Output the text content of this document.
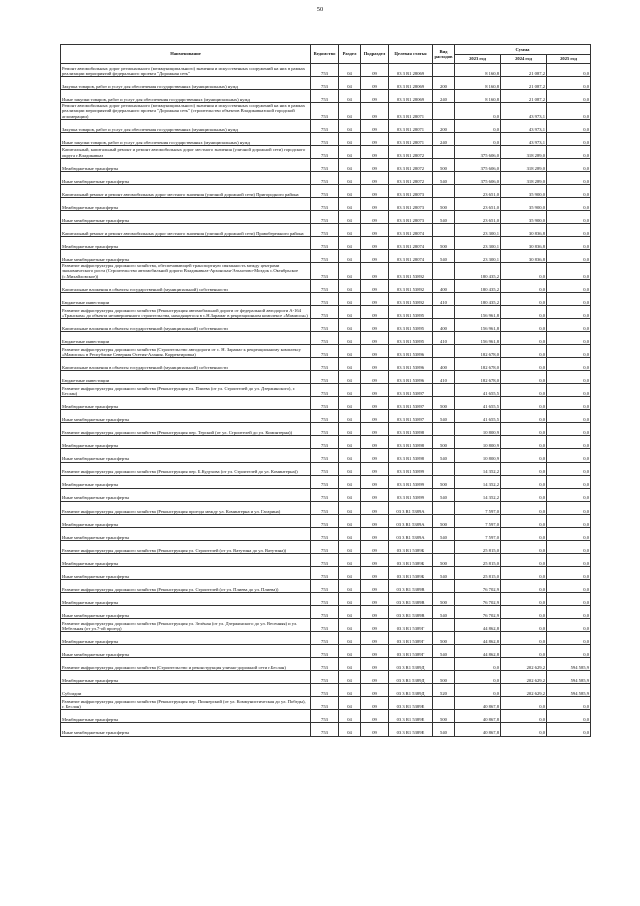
50
Наименование	Ведомство	Раздел	Подраздел	Целевая статья	Вид расходов	Сумма		
						2023 год	2024 год	2025 год
Ремонт автомобильных дорог регионального (межмуниципального) значения и искусственных сооружений на них в рамках реализации мероприятий федерального проекта "Дорожная сеть"	753	04	09	03 3 R1 28069		8 160,8	21 087,2	0,0
Закупка товаров, работ и услуг для обеспечения государственных (муниципальных) нужд	753	04	09	03 3 R1 28069	200	8 160,8	21 087,2	0,0
Иные закупки товаров, работ и услуг для обеспечения государственных (муниципальных) нужд	753	04	09	03 3 R1 28069	240	8 160,8	21 087,2	0,0
Ремонт автомобильных дорог регионального (межмуниципального) значения и искусственных сооружений на них в рамках реализации мероприятий федерального проекта "Дорожная сеть" (строительство объектов Владикавказской городской агломерации)	753	04	09	03 3 R1 28071		0,0	43 973,1	0,0
Закупка товаров, работ и услуг для обеспечения государственных (муниципальных) нужд	753	04	09	03 3 R1 28071	200	0,0	43 973,1	0,0
Иные закупки товаров, работ и услуг для обеспечения государственных (муниципальных) нужд	753	04	09	03 3 R1 28071	240	0,0	43 973,1	0,0
Капитальный, капитальный ремонт и ремонт автомобильных дорог местного значения (уличной дорожной сети) городского округа г.Владикавказ	753	04	09	03 3 R1 28072		375 606,0	318 289,0	0,0
Межбюджетные трансферты	753	04	09	03 3 R1 28072	500	375 606,0	318 289,0	0,0
Иные межбюджетные трансферты	753	04	09	03 3 R1 28072	540	375 606,0	318 289,0	0,0
Капитальный ремонт и ремонт автомобильных дорог местного значения (уличной дорожной сети) Пригородного района	753	04	09	03 3 R1 28073		23 651,0	35 900,0	0,0
Межбюджетные трансферты	753	04	09	03 3 R1 28073	500	23 651,0	35 900,0	0,0
Иные межбюджетные трансферты	753	04	09	03 3 R1 28073	540	23 651,0	35 900,0	0,0
Капитальный ремонт и ремонт автомобильных дорог местного значения (уличной дорожной сети) Правобережного района	753	04	09	03 3 R1 28074		23 300,1	30 836,8	0,0
Межбюджетные трансферты	753	04	09	03 3 R1 28074	500	23 300,1	30 836,8	0,0
Иные межбюджетные трансферты	753	04	09	03 3 R1 28074	540	23 300,1	30 836,8	0,0
Развитие инфраструктуры дорожного хозяйства, обеспечивающей транспортную связанность между центрами экономического роста (Строительство автомобильной дороги Владикавказ-Архонская-Эльхотово-Моздок с.Октябрьское (с.Михайловское))	753	04	09	03 3 R1 53892		180 435,2	0,0	0,0
Капитальные вложения в объекты государственной (муниципальной) собственности	753	04	09	03 3 R1 53892	400	180 435,2	0,0	0,0
Бюджетные инвестиции	753	04	09	03 3 R1 53892	410	180 435,2	0,0	0,0
Развитие инфраструктуры дорожного хозяйства (Реконструкция автомобильной дороги от федеральной автодороги А-164 «Транскам» до объекта незавершенного строительства, находящегося в с.Н.Зарамаг в рекреационном комплексе «Мамисон»)	753	04	09	03 3 R1 53895		156 961,8	0,0	0,0
Капитальные вложения в объекты государственной (муниципальной) собственности	753	04	09	03 3 R1 53895	400	156 961,8	0,0	0,0
Бюджетные инвестиции	753	04	09	03 3 R1 53895	410	156 961,8	0,0	0,0
Развитие инфраструктуры дорожного хозяйства (Строительство автодороги от с. Н. Зарамаг к рекреационному комплексу «Мамисон» в Республике Северная Осетия-Алания. Корректировка)	753	04	09	03 3 R1 53896		182 678,0	0,0	0,0
Капитальные вложения в объекты государственной (муниципальной) собственности	753	04	09	03 3 R1 53896	400	182 678,0	0,0	0,0
Бюджетные инвестиции	753	04	09	03 3 R1 53896	410	182 678,0	0,0	0,0
Развитие инфраструктуры дорожного хозяйства (Реконструкция ул. Плиева (от ул. Строителей до ул. Дзержинского), г. Беслан)	753	04	09	03 3 R1 53897		41 655,5	0,0	0,0
Межбюджетные трансферты	753	04	09	03 3 R1 53897	500	41 655,5	0,0	0,0
Иные межбюджетные трансферты	753	04	09	03 3 R1 53897	540	41 655,5	0,0	0,0
Развитие инфраструктуры дорожного хозяйства (Реконструкция пер. Терский (от ул. Строителей до ул. Коминтерна))	753	04	09	03 3 R1 53898		10 800,9	0,0	0,0
Межбюджетные трансферты	753	04	09	03 3 R1 53898	500	10 800,9	0,0	0,0
Иные межбюджетные трансферты	753	04	09	03 3 R1 53898	540	10 800,9	0,0	0,0
Развитие инфраструктуры дорожного хозяйства (Реконструкция пер. Б.Кудухова (от ул. Строителей до ул. Коминтерна))	753	04	09	03 3 R1 53899		14 352,2	0,0	0,0
Межбюджетные трансферты	753	04	09	03 3 R1 53899	500	14 352,2	0,0	0,0
Иные межбюджетные трансферты	753	04	09	03 3 R1 53899	540	14 352,2	0,0	0,0
Развитие инфраструктуры дорожного хозяйства (Реконструкция проезда между ул. Коминтерна и ул. Гагарина)	753	04	09	03 3 R1 5389А		7 597,0	0,0	0,0
Межбюджетные трансферты	753	04	09	03 3 R1 5389А	500	7 597,0	0,0	0,0
Иные межбюджетные трансферты	753	04	09	03 3 R1 5389А	540	7 597,0	0,0	0,0
Развитие инфраструктуры дорожного хозяйства (Реконструкция ул. Строителей (от ул. Ватутина до ул. Ватутина))	753	04	09	03 3 R1 5389Б		25 815,0	0,0	0,0
Межбюджетные трансферты	753	04	09	03 3 R1 5389Б	500	25 815,0	0,0	0,0
Иные межбюджетные трансферты	753	04	09	03 3 R1 5389Б	540	25 815,0	0,0	0,0
Развитие инфраструктуры дорожного хозяйства (Реконструкция ул. Строителей (от ул. Плиева до ул. Плиева))	753	04	09	03 3 R1 5389В		76 702,9	0,0	0,0
Межбюджетные трансферты	753	04	09	03 3 R1 5389В	500	76 702,9	0,0	0,0
Иные межбюджетные трансферты	753	04	09	03 3 R1 5389В	540	76 702,9	0,0	0,0
Развитие инфраструктуры дорожного хозяйства (Реконструкция ул. Зелёная (от ул. Дзержинского до ул. Весенняя) и ул. Мебельная (от ул.7-ой проезд)	753	04	09	03 3 R1 5389Г		44 862,8	0,0	0,0
Межбюджетные трансферты	753	04	09	03 3 R1 5389Г	500	44 862,8	0,0	0,0
Иные межбюджетные трансферты	753	04	09	03 3 R1 5389Г	540	44 862,8	0,0	0,0
Развитие инфраструктуры дорожного хозяйства (Строительство и реконструкция улично-дорожной сети г.Беслан)	753	04	09	03 3 R1 5389Д		0,0	202 629,2	594 585,9
Межбюджетные трансферты	753	04	09	03 3 R1 5389Д	500	0,0	202 629,2	594 585,9
Субсидии	753	04	09	03 3 R1 5389Д	520	0,0	202 629,2	594 585,9
Развитие инфраструктуры дорожного хозяйства (Реконструкция пер. Пионерский (от ул. Коммунистическая до ул. Победы), г. Беслан)	753	04	09	03 3 R1 5389Е		40 867,8	0,0	0,0
Межбюджетные трансферты	753	04	09	03 3 R1 5389Е	500	40 867,8	0,0	0,0
Иные межбюджетные трансферты	753	04	09	03 3 R1 5389Е	540	40 867,8	0,0	0,0
